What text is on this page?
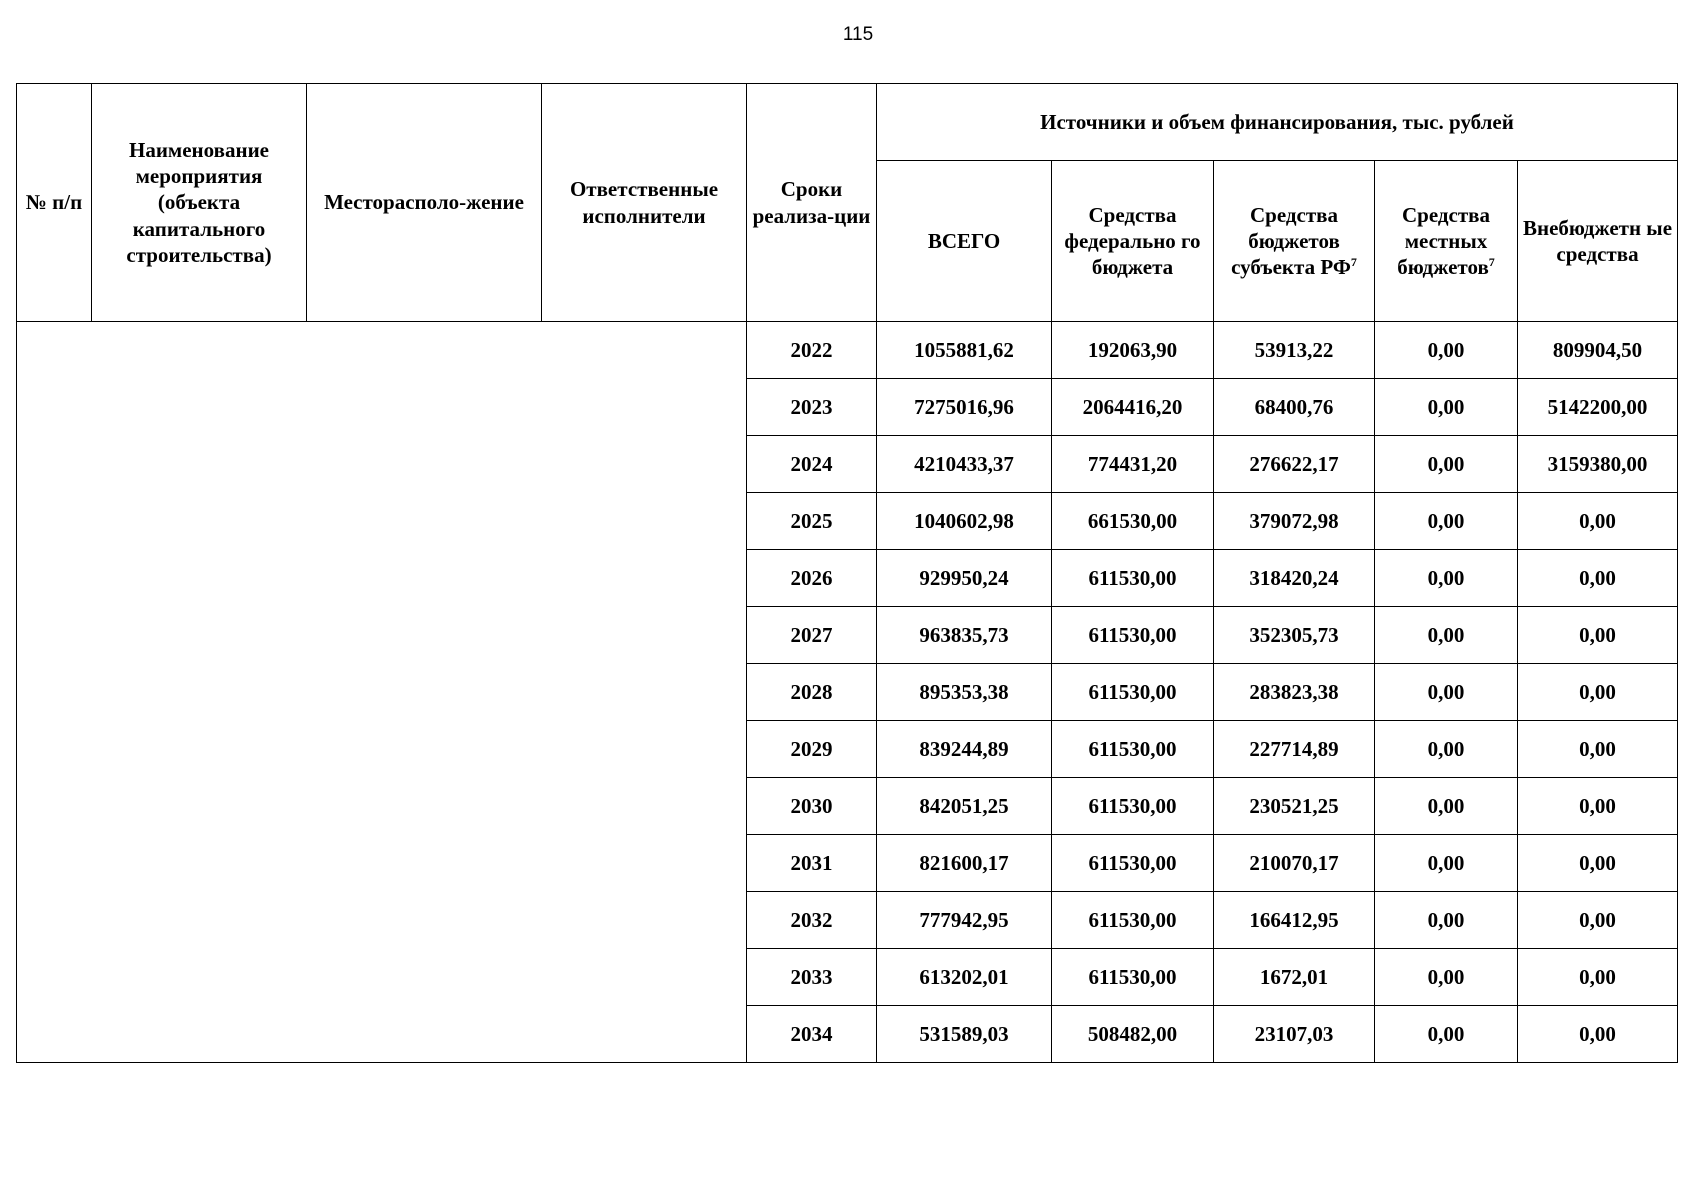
115
№ п/п	Наименование мероприятия (объекта капитального строительства)	Месторасполо-жение	Ответственные исполнители	Сроки реализа-ции	Источники и объем финансирования, тыс. рублей				
					ВСЕГО	Средства федерально го бюджета	Средства бюджетов субъекта $РФ^7$	Средства местных бюджетов$^7$	Внебюджетн ые средства
				2022	1055881,62	192063,90	53913,22	0,00	809904,50
				2023	7275016,96	2064416,20	68400,76	0,00	5142200,00
				2024	4210433,37	774431,20	276622,17	0,00	3159380,00
				2025	1040602,98	661530,00	379072,98	0,00	0,00
				2026	929950,24	611530,00	318420,24	0,00	0,00
				2027	963835,73	611530,00	352305,73	0,00	0,00
				2028	895353,38	611530,00	283823,38	0,00	0,00
				2029	839244,89	611530,00	227714,89	0,00	0,00
				2030	842051,25	611530,00	230521,25	0,00	0,00
				2031	821600,17	611530,00	210070,17	0,00	0,00
				2032	777942,95	611530,00	166412,95	0,00	0,00
				2033	613202,01	611530,00	1672,01	0,00	0,00
				2034	531589,03	508482,00	23107,03	0,00	0,00
